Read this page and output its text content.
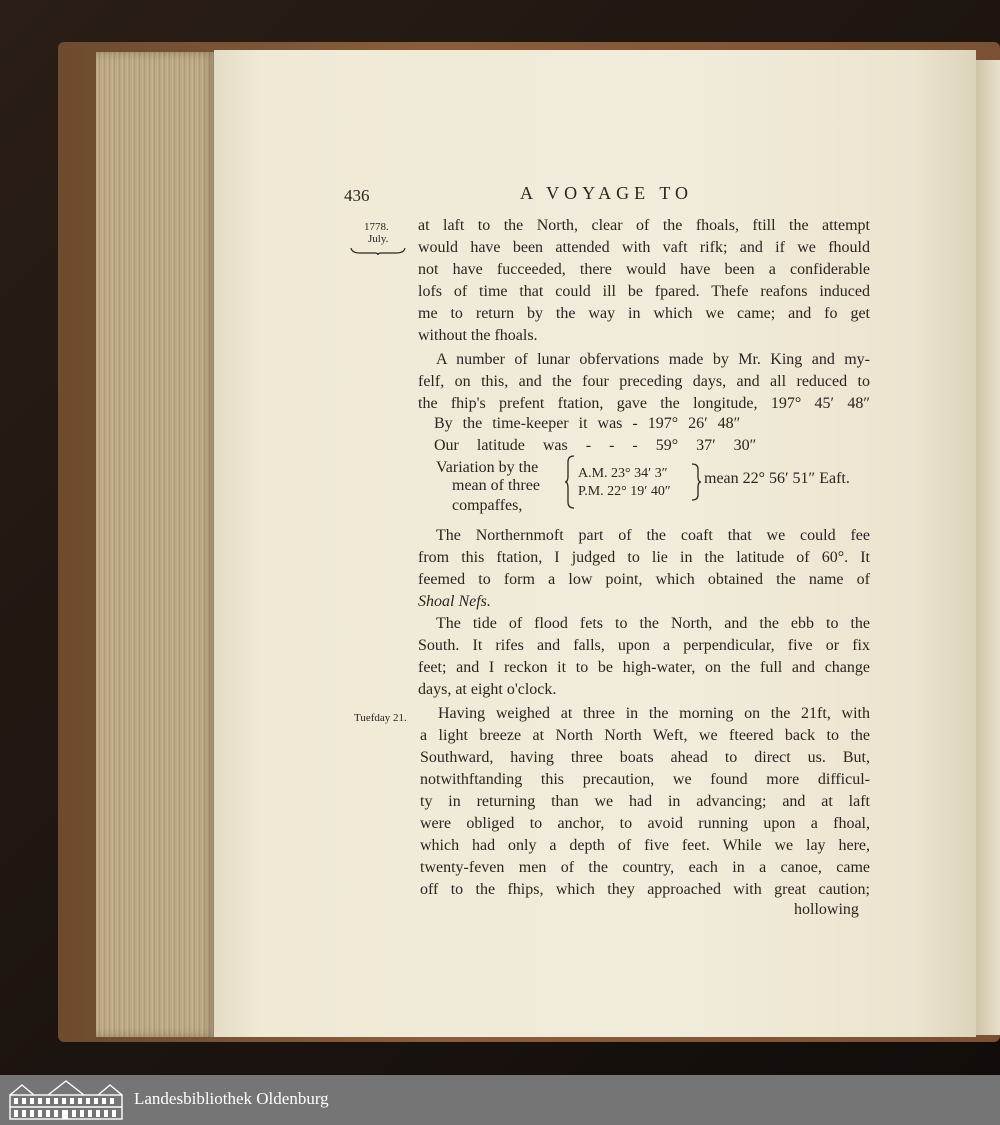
436	A VOYAGE TO
1778.
July.
Tuefday 21.
at laft to the North, clear of the fhoals, ftill the attempt
would have been attended with vaft rifk; and if we fhould
not have fucceeded, there would have been a confiderable
lofs of time that could ill be fpared. Thefe reafons induced
me to return by the way in which we came; and fo get
without the fhoals.
A number of lunar obfervations made by Mr. King and my-
felf, on this, and the four preceding days, and all reduced to
the fhip's prefent ftation, gave the longitude, 197° 45′ 48″
By the time-keeper it was - 197° 26′ 48″
Our latitude was - - - 59° 37′ 30″
Variation by the
mean of three
compaffes,
A.M. 23° 34′ 3″
P.M. 22° 19′ 40″
mean 22° 56′ 51″ Eaft.
The Northernmoft part of the coaft that we could fee
from this ftation, I judged to lie in the latitude of 60°. It
feemed to form a low point, which obtained the name of
Shoal Nefs.
The tide of flood fets to the North, and the ebb to the
South. It rifes and falls, upon a perpendicular, five or fix
feet; and I reckon it to be high-water, on the full and change
days, at eight o'clock.
Having weighed at three in the morning on the 21ft, with
a light breeze at North North Weft, we fteered back to the
Southward, having three boats ahead to direct us. But,
notwithftanding this precaution, we found more difficul-
ty in returning than we had in advancing; and at laft
were obliged to anchor, to avoid running upon a fhoal,
which had only a depth of five feet. While we lay here,
twenty-feven men of the country, each in a canoe, came
off to the fhips, which they approached with great caution;
hollowing
Landesbibliothek Oldenburg
